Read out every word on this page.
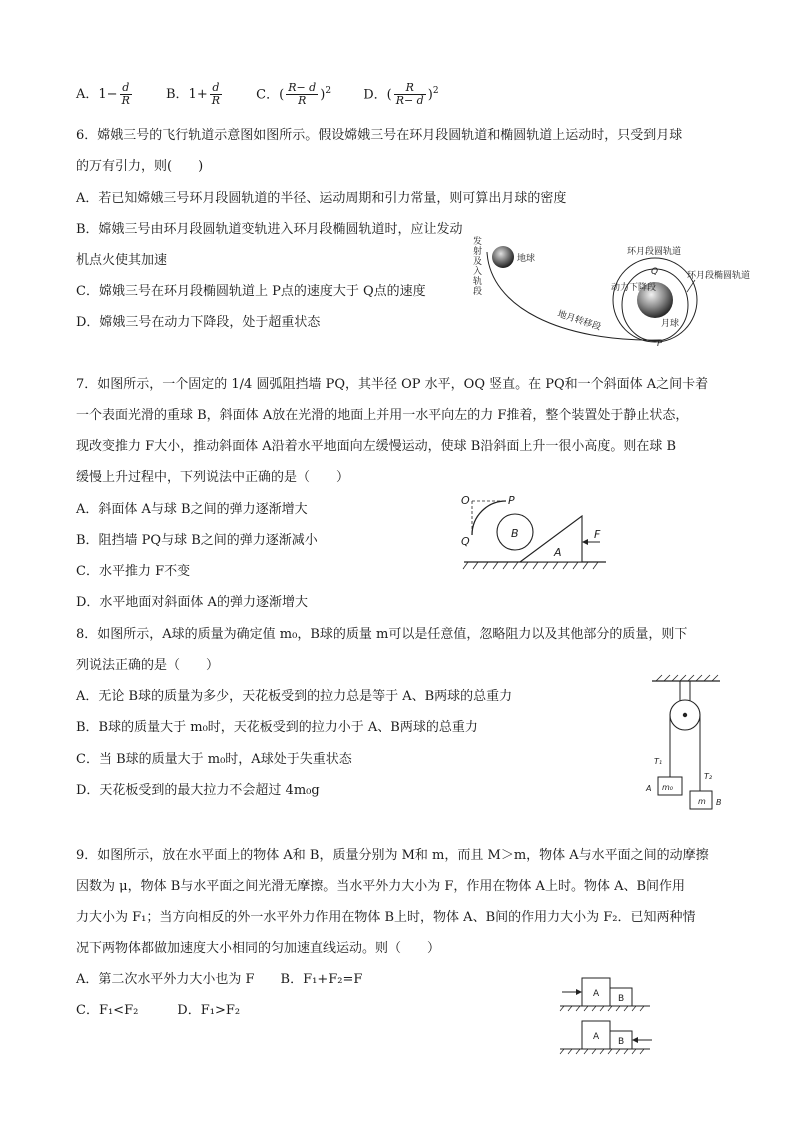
A．$1- \frac{d}{R}$	B．$1+ \frac{d}{R}$	C．( $\frac{R- d}{R} )^2$ D．( $\frac{R}{R- d} )^2$
6．嫦娥三号的飞行轨道示意图如图所示。假设嫦娥三号在环月段圆轨道和椭圆轨道上运动时，只受到月球
的万有引力，则(　　)
A．若已知嫦娥三号环月段圆轨道的半径、运动周期和引力常量，则可算出月球的密度
B．嫦娥三号由环月段圆轨道变轨进入环月段椭圆轨道时，应让发动
机点火使其加速
C．嫦娥三号在环月段椭圆轨道上 P点的速度大于 Q点的速度
D．嫦娥三号在动力下降段，处于超重状态
发
射
及
入
轨
段
地球
地月转移段	月球
环月段圆轨道
环月段椭圆轨道
动力下降段
Q
P
7．如图所示，一个固定的 1/4 圆弧阻挡墙 PQ，其半径 OP 水平，OQ 竖直。在 PQ和一个斜面体 A之间卡着
一个表面光滑的重球 B，斜面体 A放在光滑的地面上并用一水平向左的力 F推着，整个装置处于静止状态，
现改变推力 F大小，推动斜面体 A沿着水平地面向左缓慢运动，使球 B沿斜面上升一很小高度。则在球 B
缓慢上升过程中，下列说法中正确的是（　　）
A．斜面体 A与球 B之间的弹力逐渐增大
B．阻挡墙 PQ与球 B之间的弹力逐渐减小
C．水平推力 F不变
D．水平地面对斜面体 A的弹力逐渐增大
O	P
Q
B
A
F
8．如图所示，A球的质量为确定值 m₀，B球的质量 m可以是任意值，忽略阻力以及其他部分的质量，则下
列说法正确的是（　　）
A．无论 B球的质量为多少，天花板受到的拉力总是等于 A、B两球的总重力
B．B球的质量大于 m₀时，天花板受到的拉力小于 A、B两球的总重力
C．当 B球的质量大于 m₀时，A球处于失重状态
D．天花板受到的最大拉力不会超过 4m₀g
T₁
T₂
m₀
m
A
B
9．如图所示，放在水平面上的物体 A和 B，质量分别为 M和 m，而且 M＞m，物体 A与水平面之间的动摩擦
因数为 μ，物体 B与水平面之间光滑无摩擦。当水平外力大小为 F，作用在物体 A上时。物体 A、B间作用
力大小为 F₁；当方向相反的外一水平外力作用在物体 B上时，物体 A、B间的作用力大小为 F₂．已知两种情
况下两物体都做加速度大小相同的匀加速直线运动。则（　　）
A．第二次水平外力大小也为 F　　B．F₁+F₂=F
C．F₁<F₂　　　D．F₁>F₂
A B
A B
